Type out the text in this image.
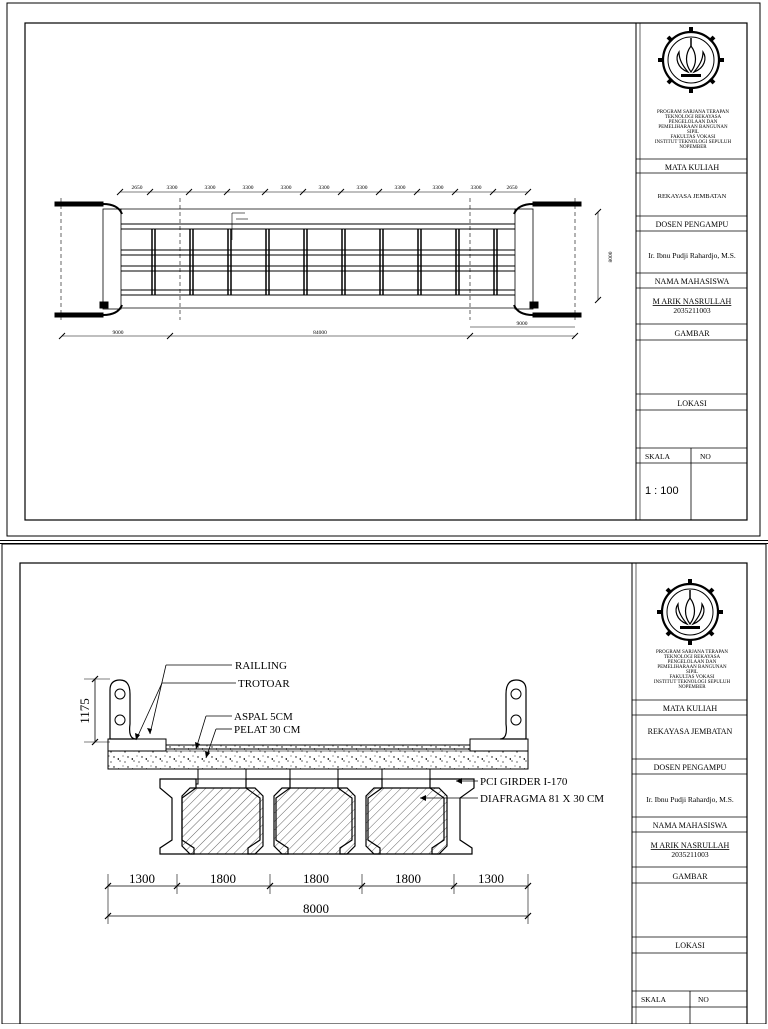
PROGRAM SARJANA TERAPAN
TEKNOLOGI REKAYASA
PENGELOLAAN DAN
PEMELIHARAAN BANGUNAN
SIPIL
FAKULTAS VOKASI
INSTITUT TEKNOLOGI SEPULUH
NOPEMBER
MATA KULIAH
REKAYASA JEMBATAN
DOSEN PENGAMPU
Ir. Ibnu Pudji Rahardjo, M.S.
NAMA MAHASISWA
M ARIK NASRULLAH
2035211003
GAMBAR
LOKASI
SKALA	NO
1 : 100
2650	3300	3300	3300	3300	3300	3300	3300	3300	3300	2650
9000	84000
9000
8000
PROGRAM SARJANA TERAPAN
TEKNOLOGI REKAYASA
PENGELOLAAN DAN
PEMELIHARAAN BANGUNAN
SIPIL
FAKULTAS VOKASI
INSTITUT TEKNOLOGI SEPULUH
NOPEMBER
MATA KULIAH
REKAYASA JEMBATAN
DOSEN PENGAMPU
Ir. Ibnu Pudji Rahardjo, M.S.
NAMA MAHASISWA
M ARIK NASRULLAH
2035211003
GAMBAR
LOKASI
SKALA	NO
RAILLING
TROTOAR
ASPAL 5CM
PELAT 30 CM
PCI GIRDER I-170
DIAFRAGMA 81 X 30 CM
1175
1300	1800	1800	1800	1300
8000
